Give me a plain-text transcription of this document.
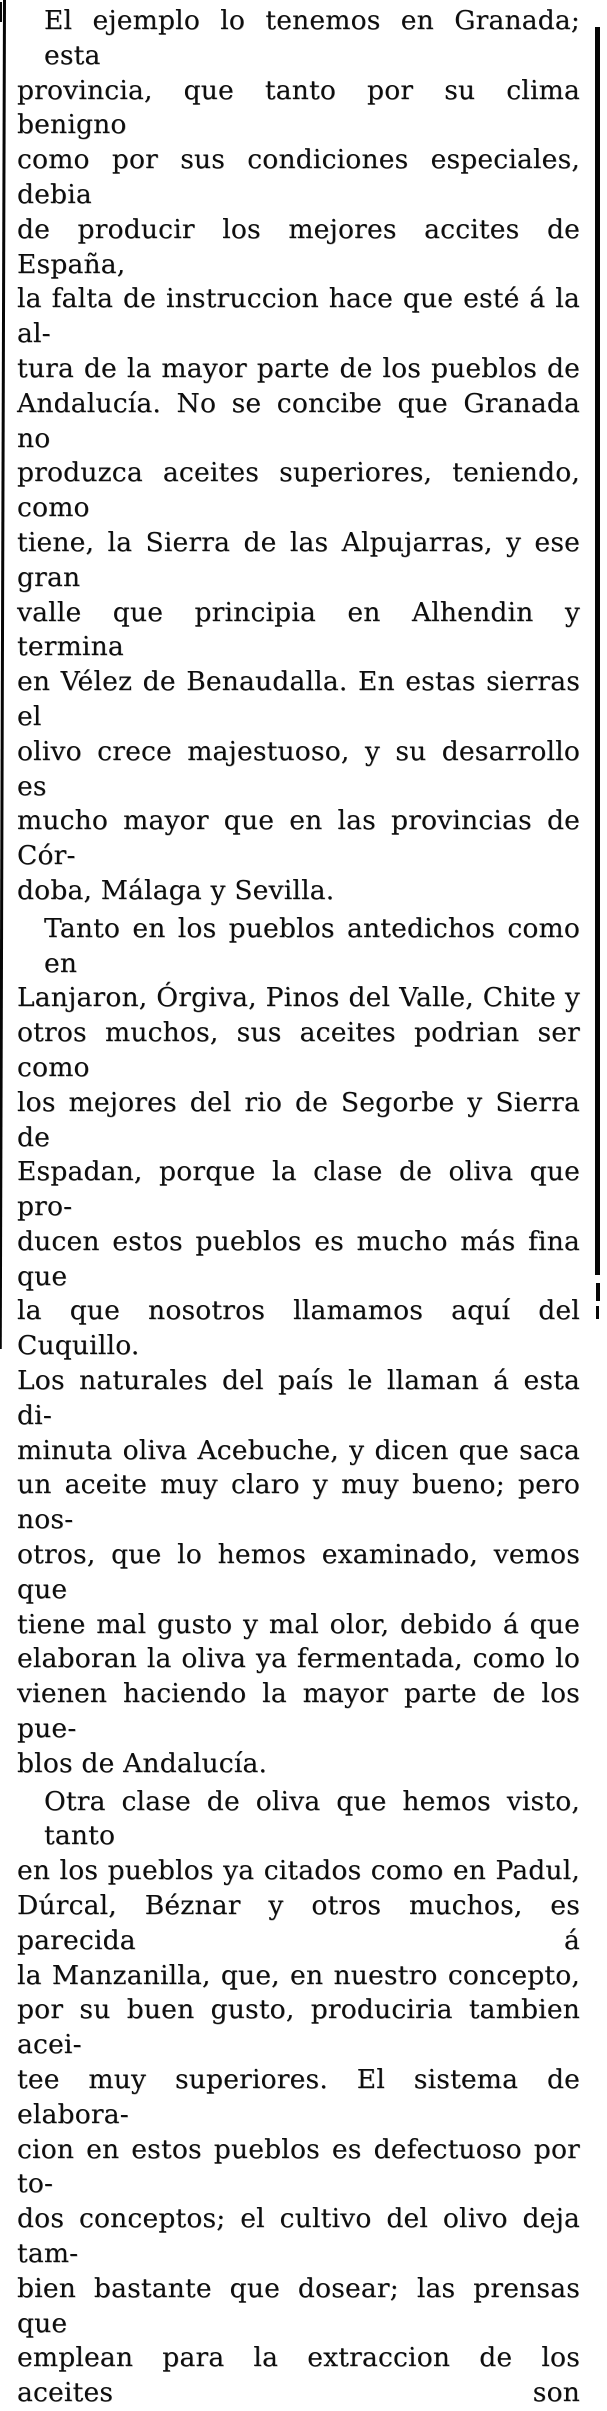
El ejemplo lo tenemos en Granada; esta
provincia, que tanto por su clima benigno
como por sus condiciones especiales, debia
de producir los mejores accites de España,
la falta de instruccion hace que esté á la al-
tura de la mayor parte de los pueblos de
Andalucía. No se concibe que Granada no
produzca aceites superiores, teniendo, como
tiene, la Sierra de las Alpujarras, y ese gran
valle que principia en Alhendin y termina
en Vélez de Benaudalla. En estas sierras el
olivo crece majestuoso, y su desarrollo es
mucho mayor que en las provincias de Cór-
doba, Málaga y Sevilla.
Tanto en los pueblos antedichos como en
Lanjaron, Órgiva, Pinos del Valle, Chite y
otros muchos, sus aceites podrian ser como
los mejores del rio de Segorbe y Sierra de
Espadan, porque la clase de oliva que pro-
ducen estos pueblos es mucho más fina que
la que nosotros llamamos aquí del Cuquillo.
Los naturales del país le llaman á esta di-
minuta oliva Acebuche, y dicen que saca
un aceite muy claro y muy bueno; pero nos-
otros, que lo hemos examinado, vemos que
tiene mal gusto y mal olor, debido á que
elaboran la oliva ya fermentada, como lo
vienen haciendo la mayor parte de los pue-
blos de Andalucía.
Otra clase de oliva que hemos visto, tanto
en los pueblos ya citados como en Padul,
Dúrcal, Béznar y otros muchos, es parecida á
la Manzanilla, que, en nuestro concepto,
por su buen gusto, produciria tambien acei-
tee muy superiores. El sistema de elabora-
cion en estos pueblos es defectuoso por to-
dos conceptos; el cultivo del olivo deja tam-
bien bastante que dosear; las prensas que
emplean para la extraccion de los aceites son
